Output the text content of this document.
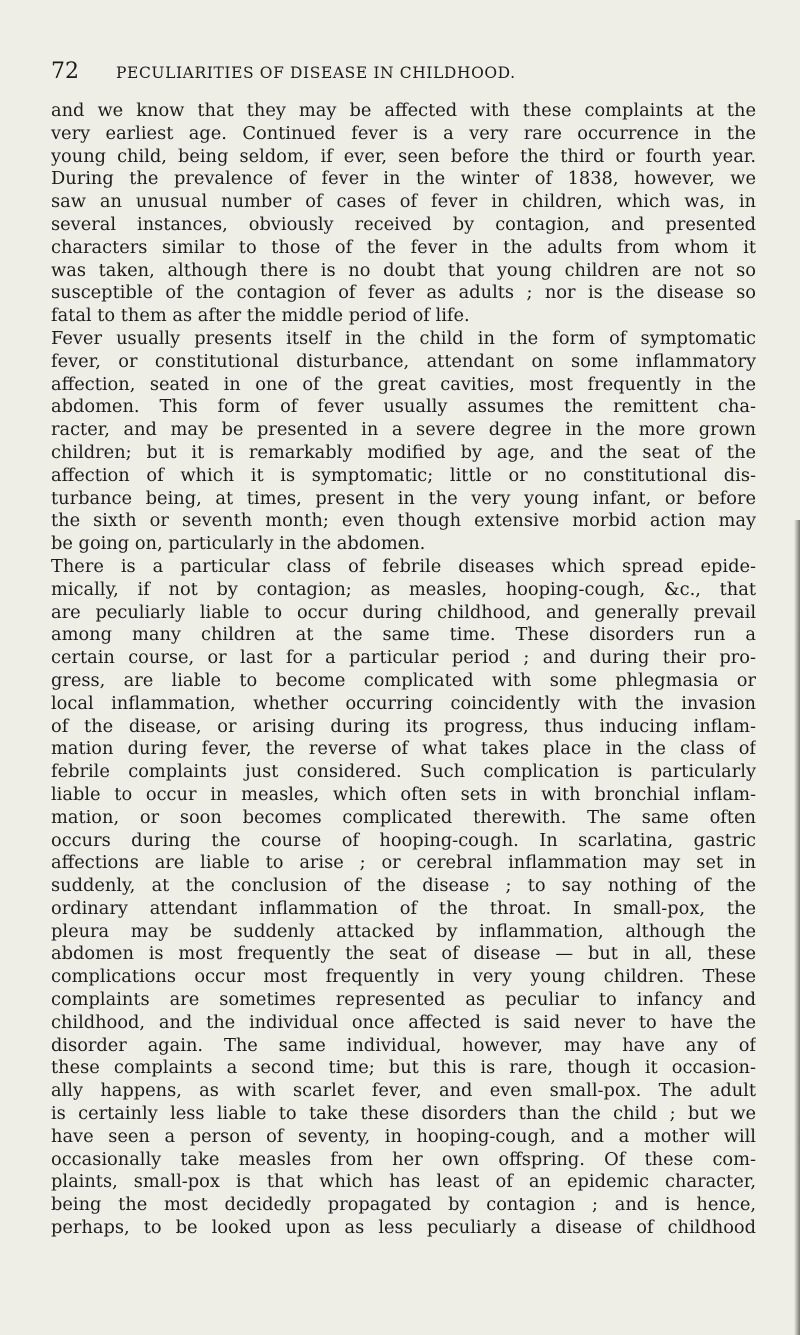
72 PECULIARITIES OF DISEASE IN CHILDHOOD.
and we know that they may be affected with these complaints at the
very earliest age. Continued fever is a very rare occurrence in the
young child, being seldom, if ever, seen before the third or fourth year.
During the prevalence of fever in the winter of 1838, however, we
saw an unusual number of cases of fever in children, which was, in
several instances, obviously received by contagion, and presented
characters similar to those of the fever in the adults from whom it
was taken, although there is no doubt that young children are not so
susceptible of the contagion of fever as adults ; nor is the disease so
fatal to them as after the middle period of life.
Fever usually presents itself in the child in the form of symptomatic
fever, or constitutional disturbance, attendant on some inflammatory
affection, seated in one of the great cavities, most frequently in the
abdomen. This form of fever usually assumes the remittent cha-
racter, and may be presented in a severe degree in the more grown
children; but it is remarkably modified by age, and the seat of the
affection of which it is symptomatic; little or no constitutional dis-
turbance being, at times, present in the very young infant, or before
the sixth or seventh month; even though extensive morbid action may
be going on, particularly in the abdomen.
There is a particular class of febrile diseases which spread epide-
mically, if not by contagion; as measles, hooping-cough, &c., that
are peculiarly liable to occur during childhood, and generally prevail
among many children at the same time. These disorders run a
certain course, or last for a particular period ; and during their pro-
gress, are liable to become complicated with some phlegmasia or
local inflammation, whether occurring coincidently with the invasion
of the disease, or arising during its progress, thus inducing inflam-
mation during fever, the reverse of what takes place in the class of
febrile complaints just considered. Such complication is particularly
liable to occur in measles, which often sets in with bronchial inflam-
mation, or soon becomes complicated therewith. The same often
occurs during the course of hooping-cough. In scarlatina, gastric
affections are liable to arise ; or cerebral inflammation may set in
suddenly, at the conclusion of the disease ; to say nothing of the
ordinary attendant inflammation of the throat. In small-pox, the
pleura may be suddenly attacked by inflammation, although the
abdomen is most frequently the seat of disease — but in all, these
complications occur most frequently in very young children. These
complaints are sometimes represented as peculiar to infancy and
childhood, and the individual once affected is said never to have the
disorder again. The same individual, however, may have any of
these complaints a second time; but this is rare, though it occasion-
ally happens, as with scarlet fever, and even small-pox. The adult
is certainly less liable to take these disorders than the child ; but we
have seen a person of seventy, in hooping-cough, and a mother will
occasionally take measles from her own offspring. Of these com-
plaints, small-pox is that which has least of an epidemic character,
being the most decidedly propagated by contagion ; and is hence,
perhaps, to be looked upon as less peculiarly a disease of childhood
